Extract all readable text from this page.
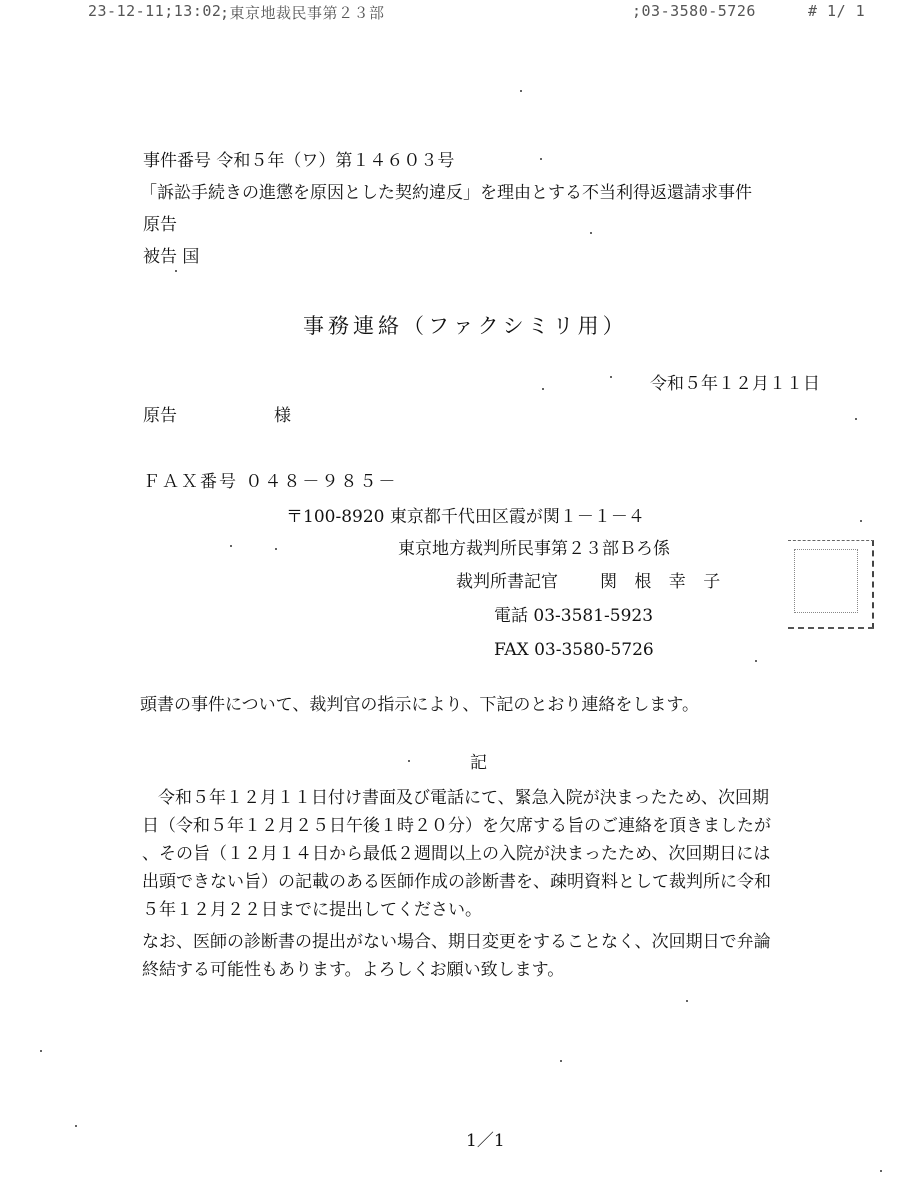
23-12-11;13:02
;東京地裁民事第２３部	;03-3580-5726	# 1/ 1
事件番号 令和５年（ワ）第１４６０３号
「訴訟手続きの進懲を原因とした契約違反」を理由とする不当利得返還請求事件
原告
被告 国
事務連絡（ファクシミリ用）
令和５年１２月１１日
原告	様
ＦＡＸ番号 ０４８－９８５－
〒100-8920 東京都千代田区霞が関１－１－４
東京地方裁判所民事第２３部Ｂろ係
裁判所書記官 関 根 幸 子
電話 03-3581-5923
FAX 03-3580-5726
頭書の事件について、裁判官の指示により、下記のとおり連絡をします。
記
令和５年１２月１１日付け書面及び電話にて、緊急入院が決まったため、次回期
日（令和５年１２月２５日午後１時２０分）を欠席する旨のご連絡を頂きましたが
、その旨（１２月１４日から最低２週間以上の入院が決まったため、次回期日には
出頭できない旨）の記載のある医師作成の診断書を、疎明資料として裁判所に令和
５年１２月２２日までに提出してください。
なお、医師の診断書の提出がない場合、期日変更をすることなく、次回期日で弁論
終結する可能性もあります。よろしくお願い致します。
1／1
